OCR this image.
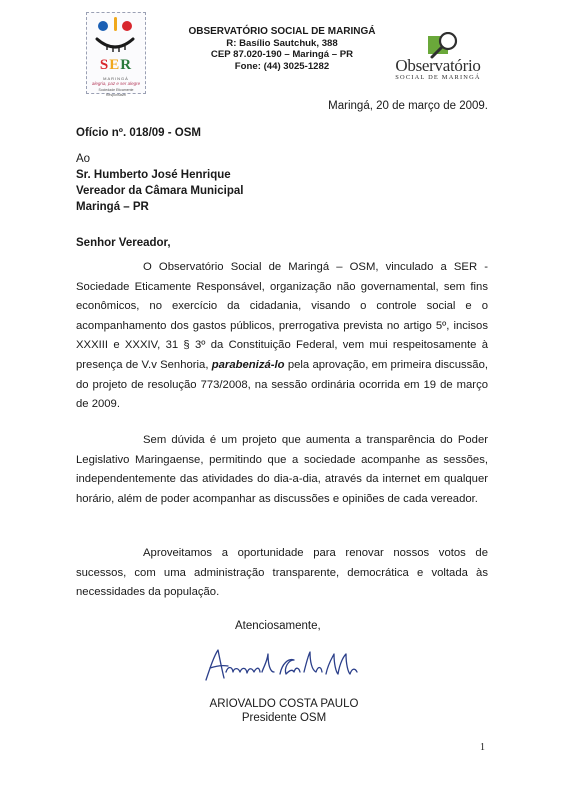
SER
MARINGÁ
alegria, paz e ser alegre
Sociedade Eticamente Responsável
OBSERVATÓRIO SOCIAL DE MARINGÁ
R: Basílio Sautchuk, 388
CEP 87.020-190 – Maringá – PR
Fone: (44) 3025-1282	Observatório
SOCIAL DE MARINGÁ
Maringá, 20 de março de 2009.
Ofício nº. 018/09 - OSM
Ao
Sr. Humberto José Henrique
Vereador da Câmara Municipal
Maringá – PR
Senhor Vereador,

O Observatório Social de Maringá – OSM, vinculado a SER - Sociedade Eticamente Responsável, organização não governamental, sem fins econômicos, no exercício da cidadania, visando o controle social e o acompanhamento dos gastos públicos, prerrogativa prevista no artigo 5º, incisos XXXIII e XXXIV, 31 § 3º da Constituição Federal, vem mui respeitosamente à presença de V.v Senhoria, parabenizá-lo pela aprovação, em primeira discussão, do projeto de resolução 773/2008, na sessão ordinária ocorrida em 19 de março de 2009.

Sem dúvida é um projeto que aumenta a transparência do Poder Legislativo Maringaense, permitindo que a sociedade acompanhe as sessões, independentemente das atividades do dia-a-dia, através da internet em qualquer horário, além de poder acompanhar as discussões e opiniões de cada vereador.

Aproveitamos a oportunidade para renovar nossos votos de sucessos, com uma administração transparente, democrática e voltada às necessidades da população.

Atenciosamente,
ARIOVALDO COSTA PAULO
Presidente OSM
1
